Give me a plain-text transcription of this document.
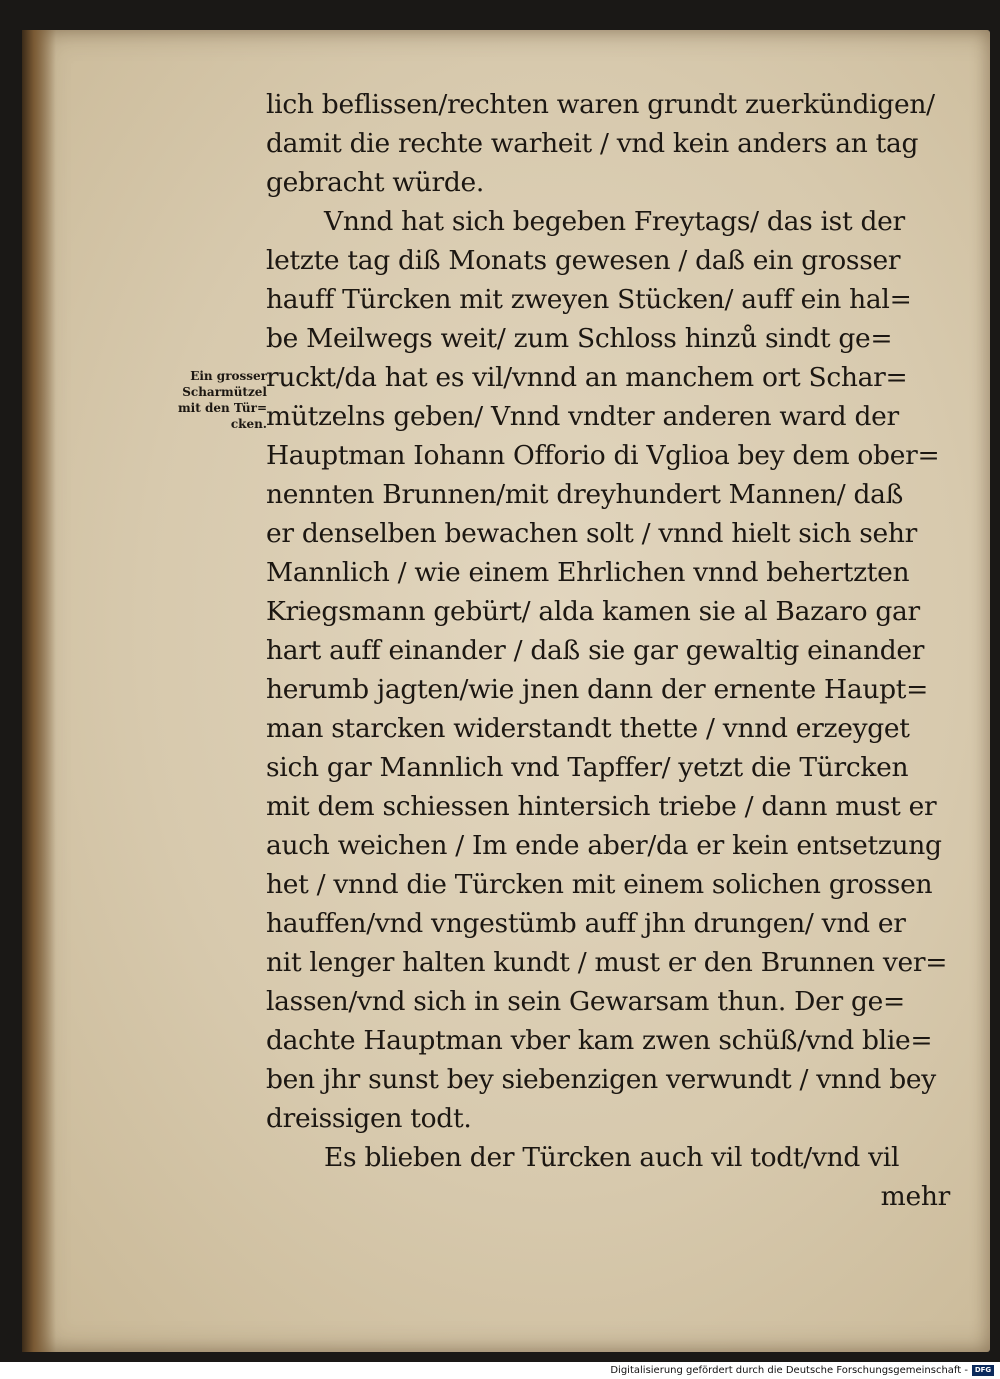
Ein grosser
Scharmützel
mit den Tür=
cken.
lich beflissen/rechten waren grundt zuerkündigen/
damit die rechte warheit / vnd kein anders an tag
gebracht würde.
Vnnd hat sich begeben Freytags/ das ist der
letzte tag diß Monats gewesen / daß ein grosser
hauff Türcken mit zweyen Stücken/ auff ein hal=
be Meilwegs weit/ zum Schloss hinzů sindt ge=
ruckt/da hat es vil/vnnd an manchem ort Schar=
mützelns geben/ Vnnd vndter anderen ward der
Hauptman Iohann Offorio di Vglioa bey dem ober=
nennten Brunnen/mit dreyhundert Mannen/ daß
er denselben bewachen solt / vnnd hielt sich sehr
Mannlich / wie einem Ehrlichen vnnd behertzten
Kriegsmann gebürt/ alda kamen sie al Bazaro gar
hart auff einander / daß sie gar gewaltig einander
herumb jagten/wie jnen dann der ernente Haupt=
man starcken widerstandt thette / vnnd erzeyget
sich gar Mannlich vnd Tapffer/ yetzt die Türcken
mit dem schiessen hintersich triebe / dann must er
auch weichen / Im ende aber/da er kein entsetzung
het / vnnd die Türcken mit einem solichen grossen
hauffen/vnd vngestümb auff jhn drungen/ vnd er
nit lenger halten kundt / must er den Brunnen ver=
lassen/vnd sich in sein Gewarsam thun. Der ge=
dachte Hauptman vber kam zwen schüß/vnd blie=
ben jhr sunst bey siebenzigen verwundt / vnnd bey
dreissigen todt.
Es blieben der Türcken auch vil todt/vnd vil
mehr
Digitalisierung gefördert durch die Deutsche Forschungsgemeinschaft - DFG
